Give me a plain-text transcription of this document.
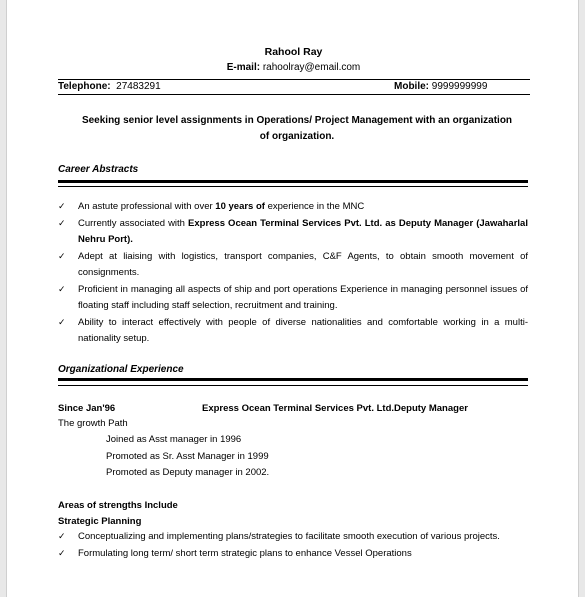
Rahool Ray
E-mail: rahoolray@email.com
Telephone: 27483291	Mobile: 9999999999
Seeking senior level assignments in Operations/ Project Management with an organization of organization.
Career Abstracts
✓ An astute professional with over 10 years of experience in the MNC
✓ Currently associated with Express Ocean Terminal Services Pvt. Ltd. as Deputy Manager (Jawaharlal Nehru Port).
✓ Adept at liaising with logistics, transport companies, C&F Agents, to obtain smooth movement of consignments.
✓ Proficient in managing all aspects of ship and port operations Experience in managing personnel issues of floating staff including staff selection, recruitment and training.
✓ Ability to interact effectively with people of diverse nationalities and comfortable working in a multi-nationality setup.
Organizational Experience
Since Jan'96	Express Ocean Terminal Services Pvt. Ltd.Deputy Manager
The growth Path
Joined as Asst manager in 1996
Promoted as Sr. Asst Manager in 1999
Promoted as Deputy manager in 2002.
Areas of strengths Include
Strategic Planning
✓ Conceptualizing and implementing plans/strategies to facilitate smooth execution of various projects.
✓ Formulating long term/ short term strategic plans to enhance Vessel Operations
